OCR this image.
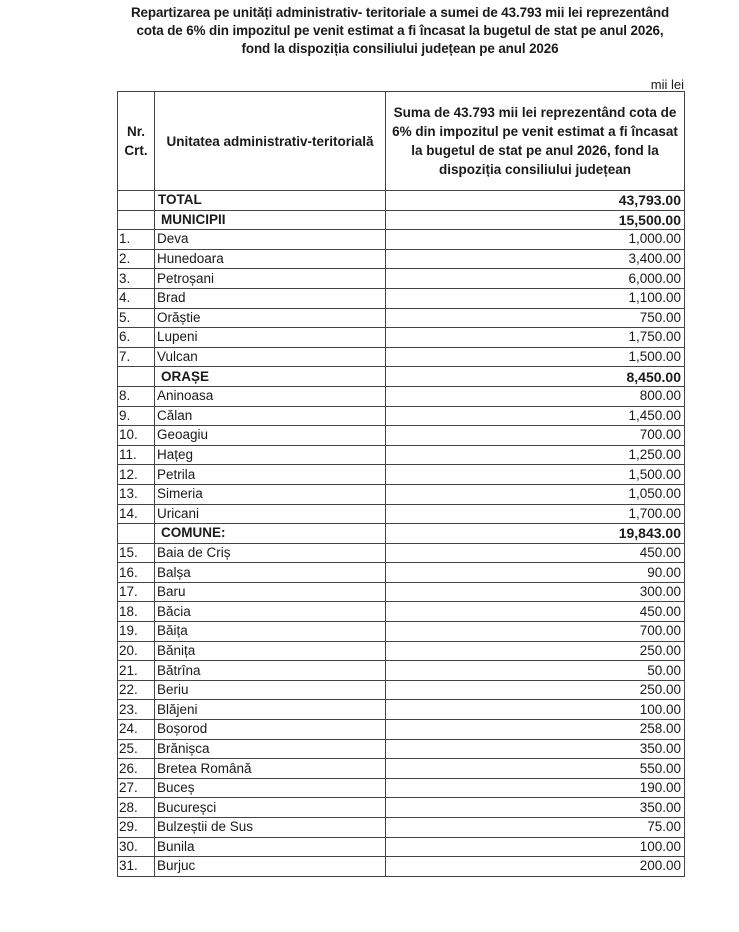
Repartizarea pe unități administrativ- teritoriale a sumei de 43.793 mii lei reprezentând
cota de 6% din impozitul pe venit estimat a fi încasat la bugetul de stat pe anul 2026,
fond la dispoziția consiliului județean pe anul 2026
mii lei
Nr. Crt.	Unitatea administrativ-teritorială	Suma de 43.793 mii lei reprezentând cota de 6% din impozitul pe venit estimat a fi încasat la bugetul de stat pe anul 2026, fond la dispoziția consiliului județean
	TOTAL	43,793.00
	MUNICIPII	15,500.00
1.	Deva	1,000.00
2.	Hunedoara	3,400.00
3.	Petroșani	6,000.00
4.	Brad	1,100.00
5.	Orăștie	750.00
6.	Lupeni	1,750.00
7.	Vulcan	1,500.00
	ORAȘE	8,450.00
8.	Aninoasa	800.00
9.	Călan	1,450.00
10.	Geoagiu	700.00
11.	Hațeg	1,250.00
12.	Petrila	1,500.00
13.	Simeria	1,050.00
14.	Uricani	1,700.00
	COMUNE:	19,843.00
15.	Baia de Criș	450.00
16.	Balșa	90.00
17.	Baru	300.00
18.	Băcia	450.00
19.	Băița	700.00
20.	Bănița	250.00
21.	Bătrîna	50.00
22.	Beriu	250.00
23.	Blăjeni	100.00
24.	Boșorod	258.00
25.	Brănișca	350.00
26.	Bretea Română	550.00
27.	Buceș	190.00
28.	Bucureșci	350.00
29.	Bulzeștii de Sus	75.00
30.	Bunila	100.00
31.	Burjuc	200.00
